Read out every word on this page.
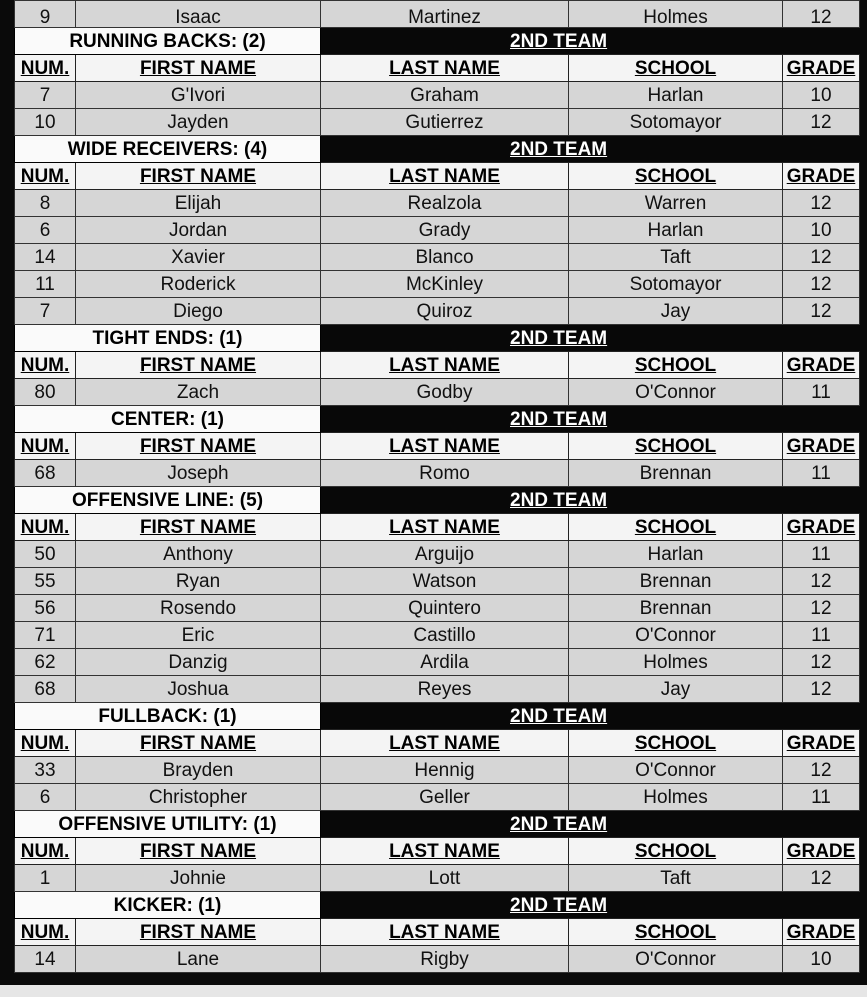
9	Isaac	Martinez	Holmes	12
RUNNING BACKS: (2)		2ND TEAM		
NUM.	FIRST NAME	LAST NAME	SCHOOL	GRADE
7	G'Ivori	Graham	Harlan	10
10	Jayden	Gutierrez	Sotomayor	12
WIDE RECEIVERS: (4)		2ND TEAM		
NUM.	FIRST NAME	LAST NAME	SCHOOL	GRADE
8	Elijah	Realzola	Warren	12
6	Jordan	Grady	Harlan	10
14	Xavier	Blanco	Taft	12
11	Roderick	McKinley	Sotomayor	12
7	Diego	Quiroz	Jay	12
TIGHT ENDS: (1)		2ND TEAM		
NUM.	FIRST NAME	LAST NAME	SCHOOL	GRADE
80	Zach	Godby	O'Connor	11
CENTER: (1)		2ND TEAM		
NUM.	FIRST NAME	LAST NAME	SCHOOL	GRADE
68	Joseph	Romo	Brennan	11
OFFENSIVE LINE: (5)		2ND TEAM		
NUM.	FIRST NAME	LAST NAME	SCHOOL	GRADE
50	Anthony	Arguijo	Harlan	11
55	Ryan	Watson	Brennan	12
56	Rosendo	Quintero	Brennan	12
71	Eric	Castillo	O'Connor	11
62	Danzig	Ardila	Holmes	12
68	Joshua	Reyes	Jay	12
FULLBACK: (1)		2ND TEAM		
NUM.	FIRST NAME	LAST NAME	SCHOOL	GRADE
33	Brayden	Hennig	O'Connor	12
6	Christopher	Geller	Holmes	11
OFFENSIVE UTILITY: (1)		2ND TEAM		
NUM.	FIRST NAME	LAST NAME	SCHOOL	GRADE
1	Johnie	Lott	Taft	12
KICKER: (1)		2ND TEAM		
NUM.	FIRST NAME	LAST NAME	SCHOOL	GRADE
14	Lane	Rigby	O'Connor	10
